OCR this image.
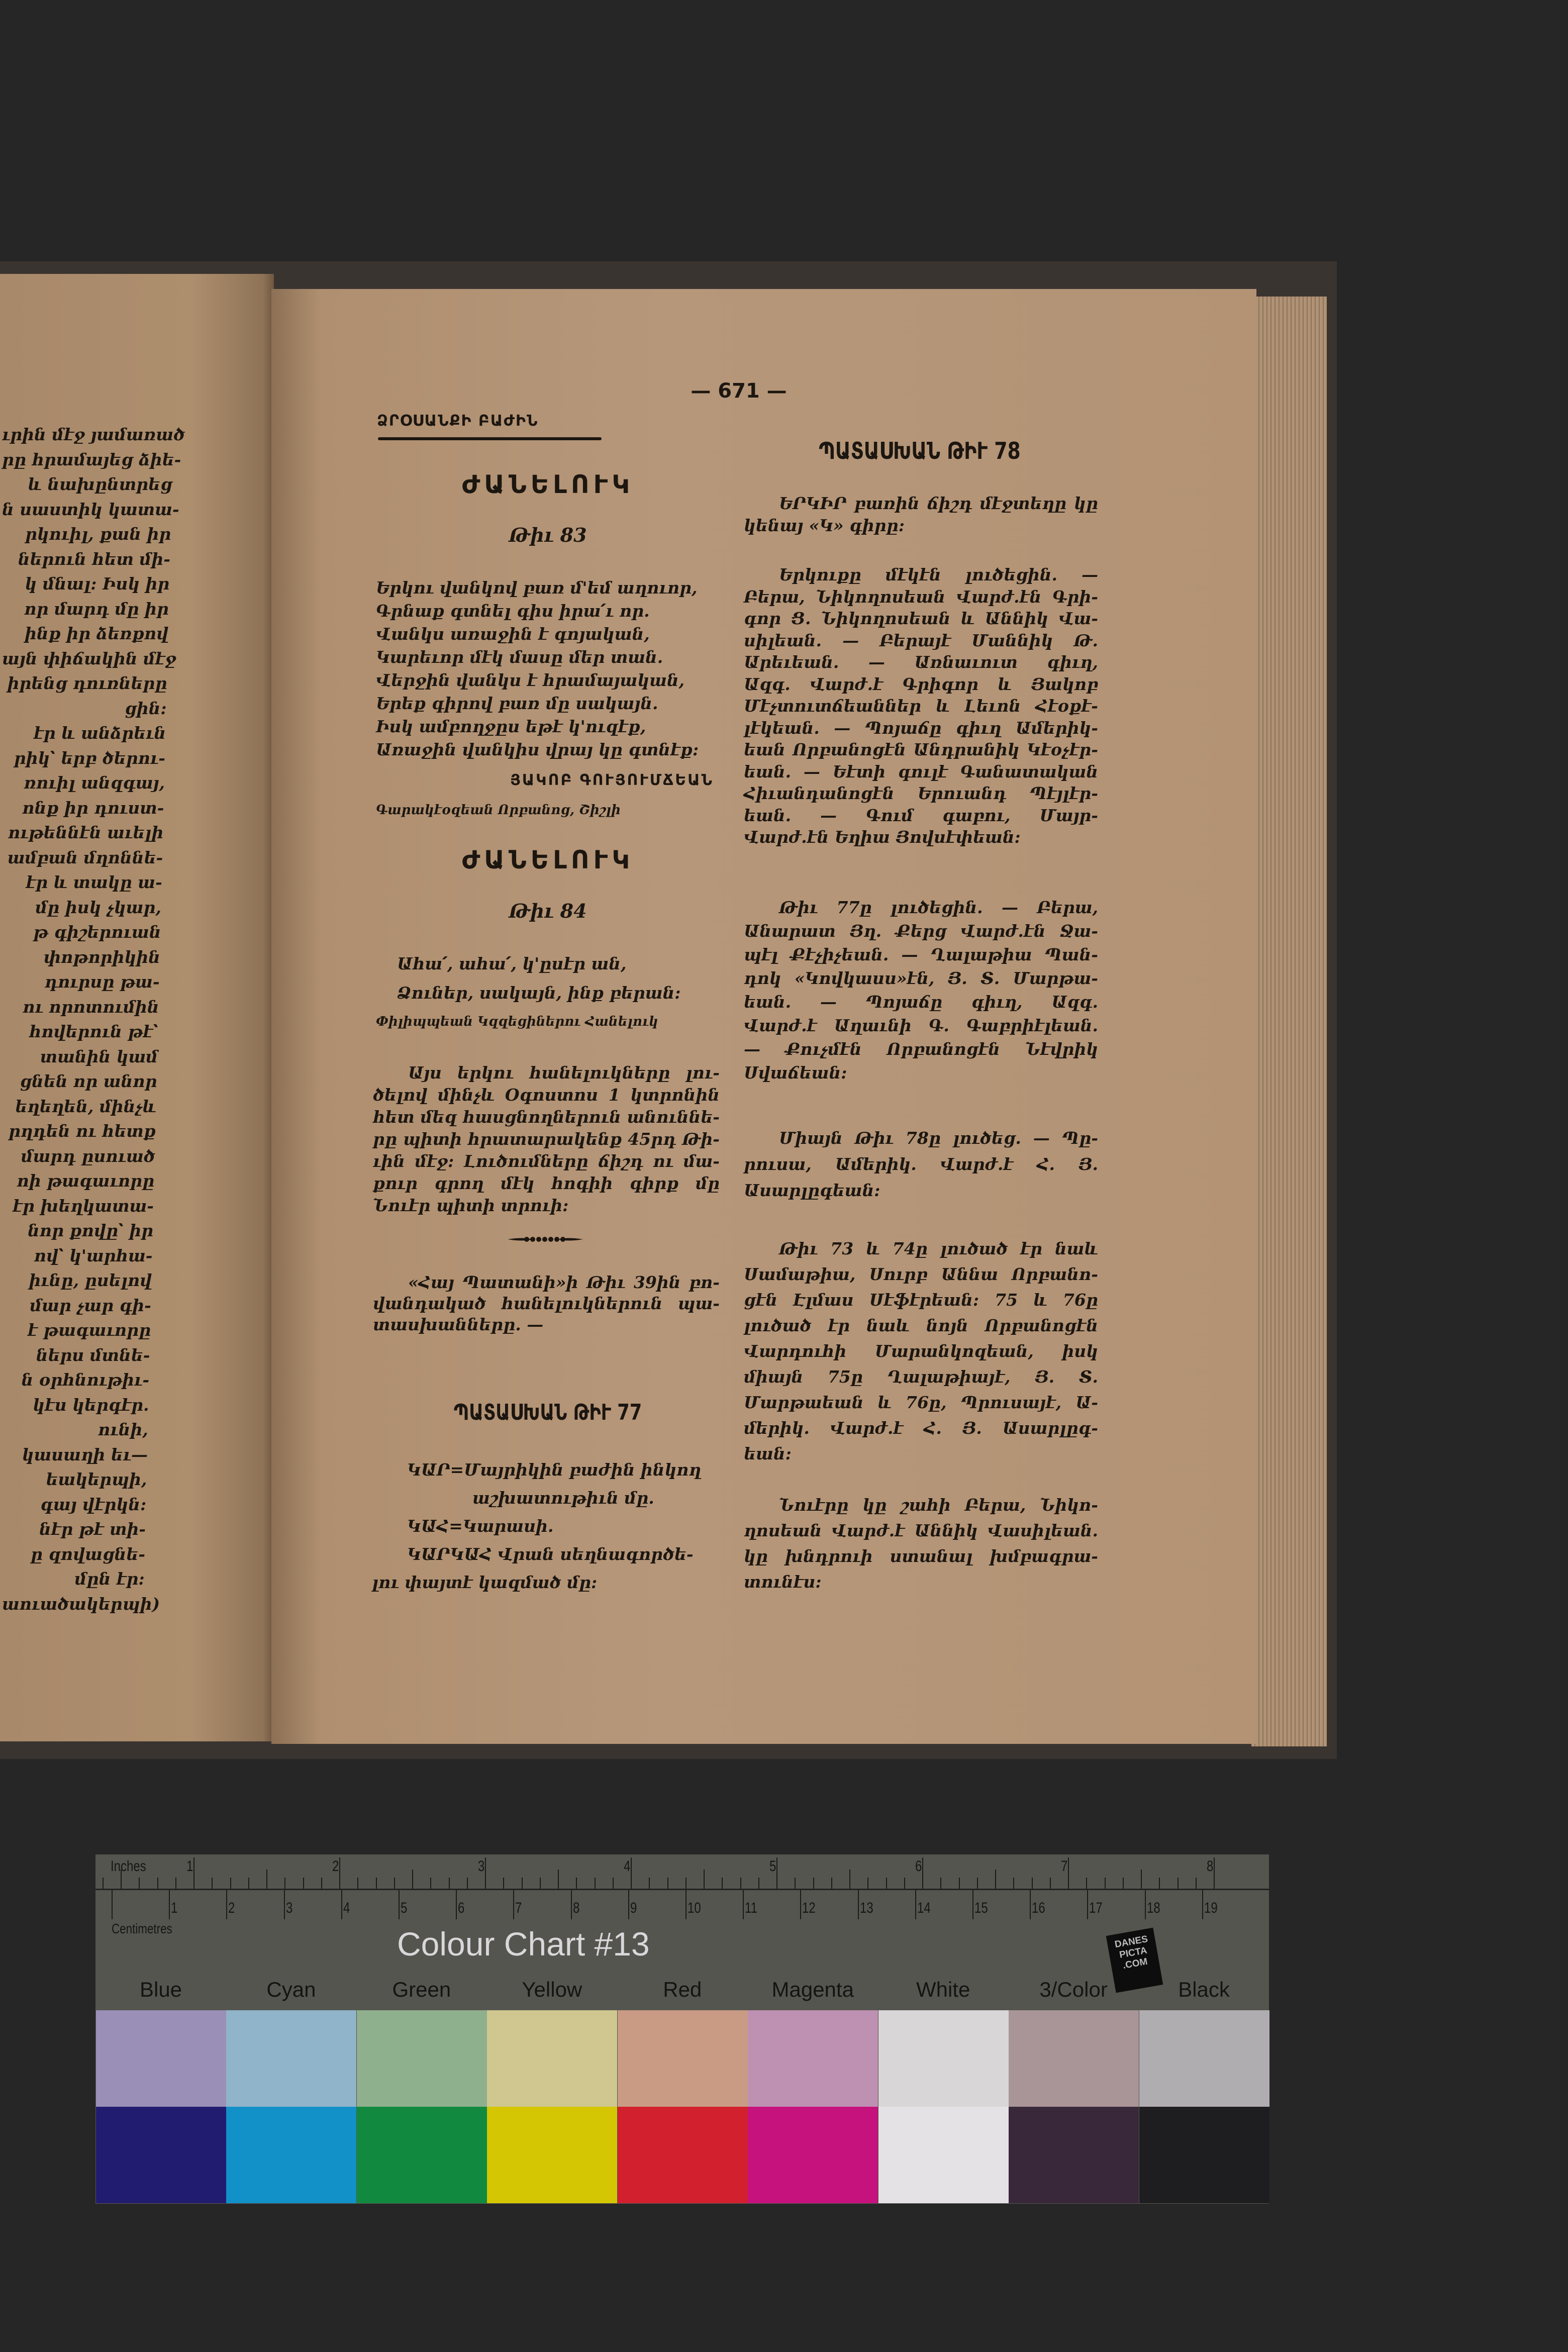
ւրին մէջ յամառած
րը հրամայեց ձիե-
և նախընտրեց
ն սաստիկ կատա-
րկուիլ, քան իր
ներուն հետ մի-
կ մնալ: Իսկ իր
որ մարդ մը իր
ինք իր ձեռքով
այն փիճակին մէջ
իրենց դուռները
ցին:
էր և անձրեւն
րիկ՝ երբ ծերու-
ռուիլ անզգայ,
ոնք իր դուստ-
ութեննէն աւելի
ամբան մղոննե-
էր և տակը ա-
մը իսկ չկար,
թ գիշերուան
փոթորիկին
դուրսը թա-
ու որոտումին
հովերուն թէ՝
տանին կամ
ցնեն որ անոր
եղեղեն, մինչև
րղդեն ու հետք
մարդ ըսուած
ոի թագաւորը
էր խեղկատա-
նոր քովը՝ իր
ով՝ կ'արհա-
իւնը, ըսելով
մար չար գի-
է թագաւորը
ներս մտնե-
ն օրհնութիւ-
կէս կերգէր.
ունի,
կասաղի եւ—
եակերպի,
գայ վէրկն:
նէր թէ տի-
ը զովացնե-
մըն էր:
աուածակերպի)
— 671 —
ՁՐՕՍԱՆՔԻ ԲԱԺԻՆ
ԺԱՆԵԼՈՒԿ
Թիւ 83
Երկու վանկով բառ մ'եմ աղուոր,
Գրնաք գտնել գիս իրա՛ւ որ.
Վանկս առաջին է գոյական,
Կարեւոր մէկ մասը մեր տան.
Վերջին վանկս է հրամայական,
Երեք գիրով բառ մը սակայն.
Իսկ ամբողջըս եթէ կ'ուզէք,
Առաջին վանկիս վրայ կը գտնէք:
ՅԱԿՈԲ ԳՈՒՅՈՒՄՃԵԱՆ
Գարակէօզեան Որբանոց, Շիշլի
ԺԱՆԵԼՈՒԿ
Թիւ 84
Ահա՛, ահա՛, կ'ըսէր ան,
Ձուներ, սակայն, ինք բերան:
Փիլիպպեան Կզզեցիներու Հանելուկ
Այս երկու հանելուկները լու-
ծելով մինչև Օգոստոս 1 կտրոնին
հետ մեզ հասցնողներուն անուննե-
րը պիտի հրատարակենք 45րդ Թի-
ւին մէջ: Լուծումները ճիշդ ու մա-
քուր գրող մէկ հոգիի գիրք մը
Նուէր պիտի տրուի:
«Հայ Պատանի»ի Թիւ 39ին բո-
վանդակած հանելուկներուն պա-
տասխանները. —
ՊԱՏԱՍԽԱՆ ԹԻՒ 77
ԿԱՐ=Մայրիկին բաժին ինկող
աշխատութիւն մը.
ԿԱՀ=Կարասի.
ԿԱՐԿԱՀ Վրան սեղնագործե-
լու փայտէ կազմած մը:
ՊԱՏԱՍԽԱՆ ԹԻՒ 78
ԵՐԿԻՐ բառին ճիշդ մէջտեղը կը
կենայ «Կ» գիրը:
Երկուքը մէկէն լուծեցին. —
Բերա, Նիկողոսեան Վարժ.էն Գրի-
գոր Ց. Նիկողոսեան և Աննիկ Վա-
սիլեան. — Բերայէ Մաննիկ Թ.
Արեւեան. — Առնաւուտ գիւղ,
Ազգ. Վարժ.է Գրիգոր և Յակոբ
Մէչտուտճեաններ և Լեւոն Հէօքէ-
լէկեան. — Պոյաճը գիւղ Ամերիկ-
եան Որբանոցէն Անդրանիկ Կէօչէր-
եան. — Եէտի գուլէ Գանատական
Հիւանդանոցէն Երուանդ Պէյլէր-
եան. — Գում գաբու, Մայր-
Վարժ.էն Եղիա Յովսէփեան:
Թիւ 77ը լուծեցին. — Բերա,
Անարատ Յղ. Քերց Վարժ.էն Ջա-
պէլ Քէչիչեան. — Ղալաթիա Պան-
դոկ «Կովկասս»էն, Յ. Տ. Մարթա-
եան. — Պոյաճը գիւղ, Ազգ.
Վարժ.է Աղաւնի Գ. Գաբրիէլեան.
— Քուչմէն Որբանոցէն Նէվրիկ
Սվաճեան:
Միայն Թիւ 78ը լուծեց. — Պը-
րուսա, Ամերիկ. Վարժ.է Հ. Յ.
Ասարլըգեան:
Թիւ 73 և 74ը լուծած էր նաև
Սամաթիա, Սուրբ Աննա Որբանո-
ցէն Էլմաս Սէֆէրեան: 75 և 76ը
լուծած էր նաև նոյն Որբանոցէն
Վարդուհի Մարանկոզեան, իսկ
միայն 75ը Ղալաթիայէ, Յ. Տ.
Մարթաեան և 76ը, Պրուսայէ, Ա-
մերիկ. Վարժ.է Հ. Յ. Ասարլըգ-
եան:
Նուէրը կը շահի Բերա, Նիկո-
ղոսեան Վարժ.է Աննիկ Վասիլեան.
կը խնդրուի ստանալ խմբագրա-
տունէս:
1	2	3	4	5	6	7	8
1	2	3	4	5	6	7	8	9	10	11	12	13	14	15	16	17	18	19
Inches
Centimetres	Colour Chart #13	DANES PICTA .COM
Blue	Cyan	Green	Yellow	Red	Magenta	White	3/Color	Black
